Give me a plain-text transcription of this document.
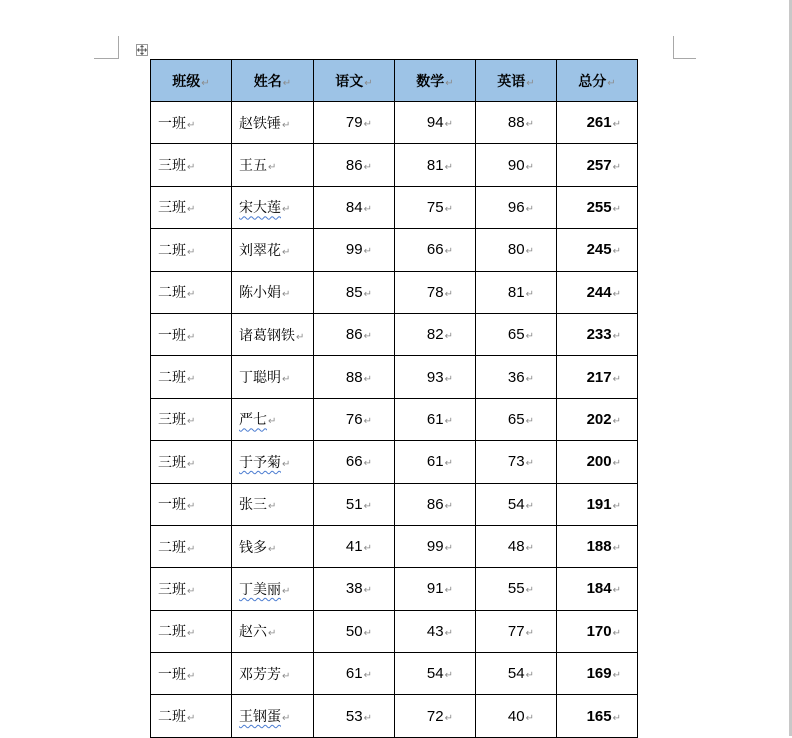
班级↵	姓名↵	语文↵	数学↵	英语↵	总分↵
一班↵	赵铁锤↵	79↵	94↵	88↵	261↵
三班↵	王五↵	86↵	81↵	90↵	257↵
三班↵	宋大莲↵	84↵	75↵	96↵	255↵
二班↵	刘翠花↵	99↵	66↵	80↵	245↵
二班↵	陈小娟↵	85↵	78↵	81↵	244↵
一班↵	诸葛钢铁↵	86↵	82↵	65↵	233↵
二班↵	丁聪明↵	88↵	93↵	36↵	217↵
三班↵	严七↵	76↵	61↵	65↵	202↵
三班↵	于予菊↵	66↵	61↵	73↵	200↵
一班↵	张三↵	51↵	86↵	54↵	191↵
二班↵	钱多↵	41↵	99↵	48↵	188↵
三班↵	丁美丽↵	38↵	91↵	55↵	184↵
二班↵	赵六↵	50↵	43↵	77↵	170↵
一班↵	邓芳芳↵	61↵	54↵	54↵	169↵
二班↵	王钢蛋↵	53↵	72↵	40↵	165↵
